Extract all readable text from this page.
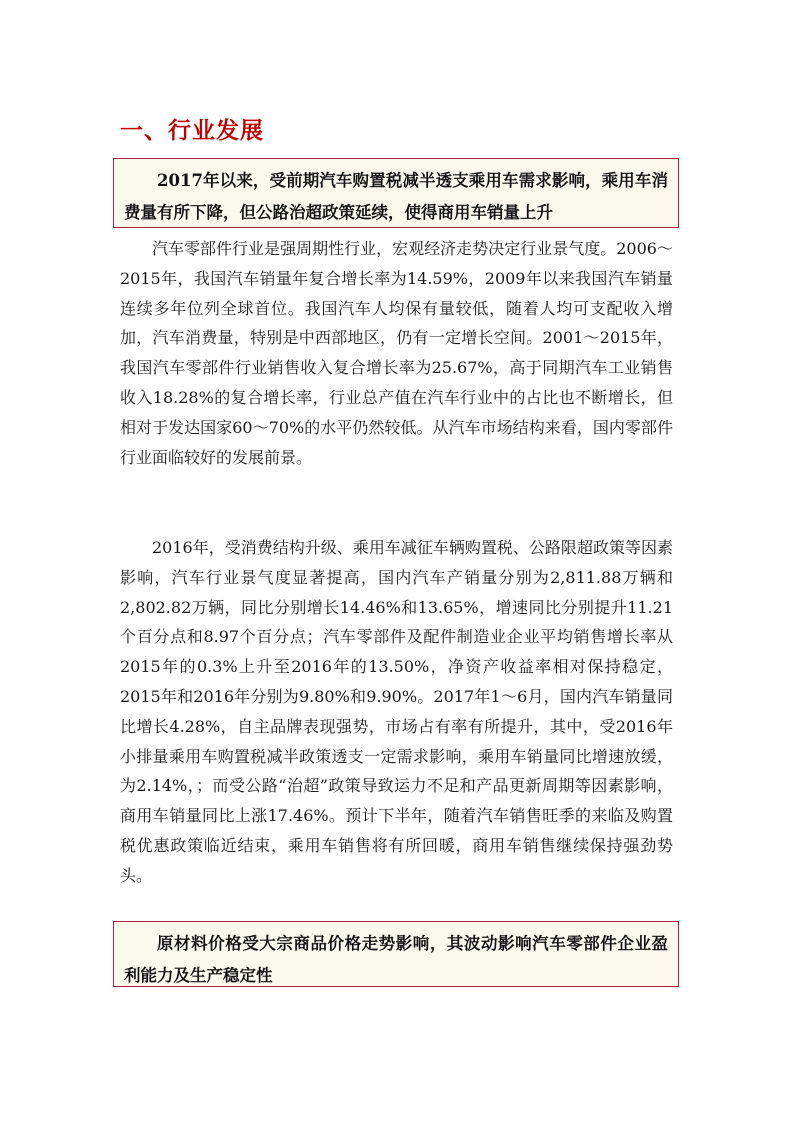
一、行业发展
2017年以来，受前期汽车购置税减半透支乘用车需求影响，乘用车消费量有所下降，但公路治超政策延续，使得商用车销量上升

汽车零部件行业是强周期性行业，宏观经济走势决定行业景气度。2006～2015年，我国汽车销量年复合增长率为14.59%，2009年以来我国汽车销量连续多年位列全球首位。我国汽车人均保有量较低，随着人均可支配收入增加，汽车消费量，特别是中西部地区，仍有一定增长空间。2001～2015年，我国汽车零部件行业销售收入复合增长率为25.67%，高于同期汽车工业销售收入18.28%的复合增长率，行业总产值在汽车行业中的占比也不断增长，但相对于发达国家60～70%的水平仍然较低。从汽车市场结构来看，国内零部件行业面临较好的发展前景。

2016年，受消费结构升级、乘用车减征车辆购置税、公路限超政策等因素影响，汽车行业景气度显著提高，国内汽车产销量分别为2,811.88万辆和2,802.82万辆，同比分别增长14.46%和13.65%，增速同比分别提升11.21个百分点和8.97个百分点；汽车零部件及配件制造业企业平均销售增长率从2015年的0.3%上升至2016年的13.50%，净资产收益率相对保持稳定，2015年和2016年分别为9.80%和9.90%。2017年1～6月，国内汽车销量同比增长4.28%，自主品牌表现强势，市场占有率有所提升，其中，受2016年小排量乘用车购置税减半政策透支一定需求影响，乘用车销量同比增速放缓，为2.14%，；而受公路“治超”政策导致运力不足和产品更新周期等因素影响，商用车销量同比上涨17.46%。预计下半年，随着汽车销售旺季的来临及购置税优惠政策临近结束，乘用车销售将有所回暖，商用车销售继续保持强劲势头。

原材料价格受大宗商品价格走势影响，其波动影响汽车零部件企业盈利能力及生产稳定性
